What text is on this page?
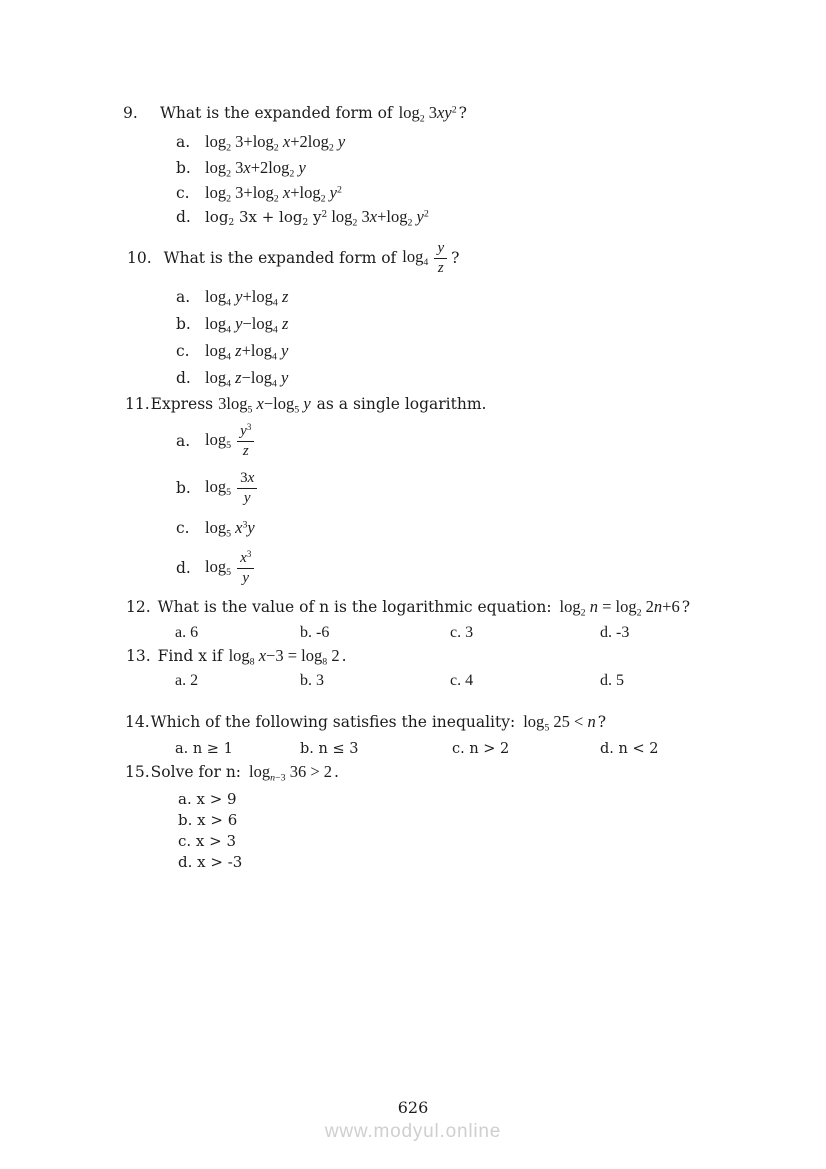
9. What is the expanded form of $\log_2 3xy^2$ ?
a. $\log_2 3+\log_2$ $x+2\log_2$ y
b. $\log_2 3x+2\log_2$ y
c. $\log_2 3+\log_2$ $x+\log_2$ $y^2$
d. $\log_2 3x + \log_2 y^2$ $\log_2 3x+\log_2$ $y^2$
10. What is the expanded form of $\log_4 \frac{y}{z}$ ?
a. $\log_4 y+\log_4$ z
b. $\log_4 y-\log_4$ z
c. $\log_4 z+\log_4$ y
d. $\log_4 z-\log_4$ y
11.Express $3\log_5$ $x-\log_5$ y as a single logarithm.
a. $\log_5 \frac{y^3}{z}$
b. $\log_5 \frac{3x}{y}$
c. $\log_5 x^3y$
d. $\log_5 \frac{x^3}{y}$
12. What is the value of n is the logarithmic equation: $\log_2 n = \log_2 2n+6$ ?
a. 6	b. -6	c. 3	d. -3
13. Find x if $\log_8 x-3 = \log_8 2$ .
a. 2	b. 3	c. 4	d. 5
14.Which of the following satisfies the inequality: $\log_5 25 < n$ ?
a. n ≥ 1	b. n ≤ 3	c. n > 2	d. n < 2
15.Solve for n: $\log_{n-3} 36 > 2$ .
a. x > 9
b. x > 6
c. x > 3
d. x > -3
626
www.modyul.online
